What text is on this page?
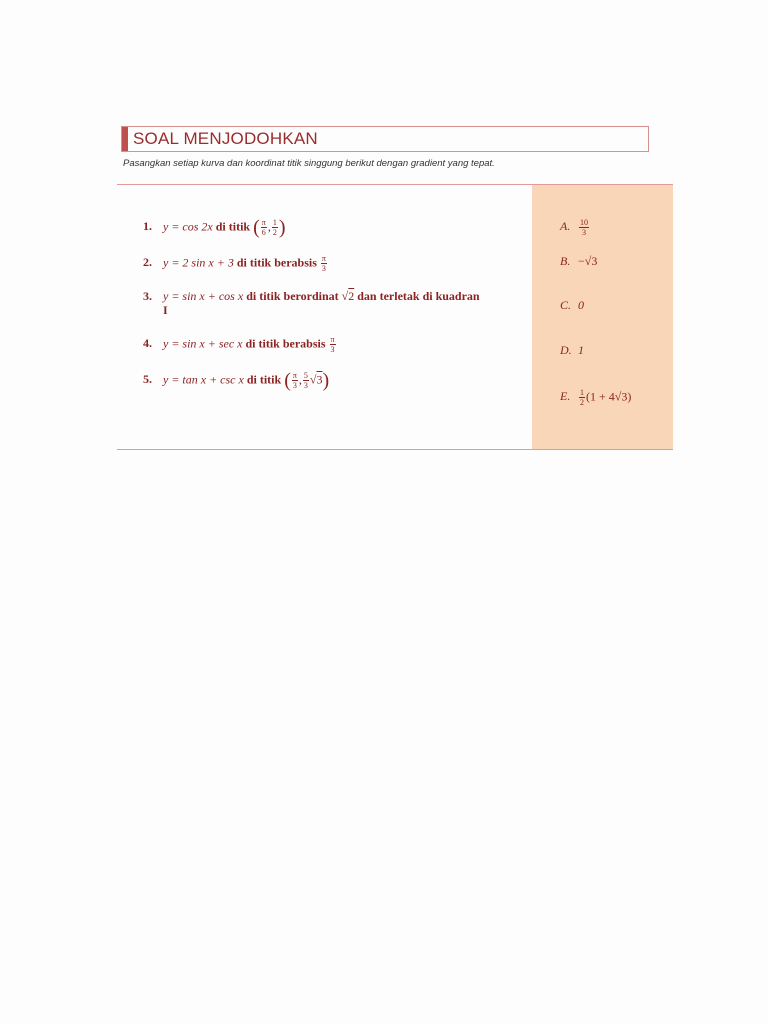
SOAL MENJODOHKAN
Pasangkan setiap kurva dan koordinat titik singgung berikut dengan gradient yang tepat.
1. y = cos 2x di titik ( $\frac{\pi}{6}$ , $\frac{1}{2}$ )
2. y = 2 sin x + 3 di titik berabsis $\frac{\pi}{3}$
3. y = sin x + cos x di titik berordinat √2 dan terletak di kuadran
I
4. y = sin x + sec x di titik berabsis $\frac{\pi}{3}$
5. y = tan x + csc x di titik ( $\frac{\pi}{3}$ , $\frac{5}{3} √3$)
A. $\frac{10}{3}$
B. −√3
C. 0
D. 1
E. $\frac{1}{2} (1 + 4√3)$
